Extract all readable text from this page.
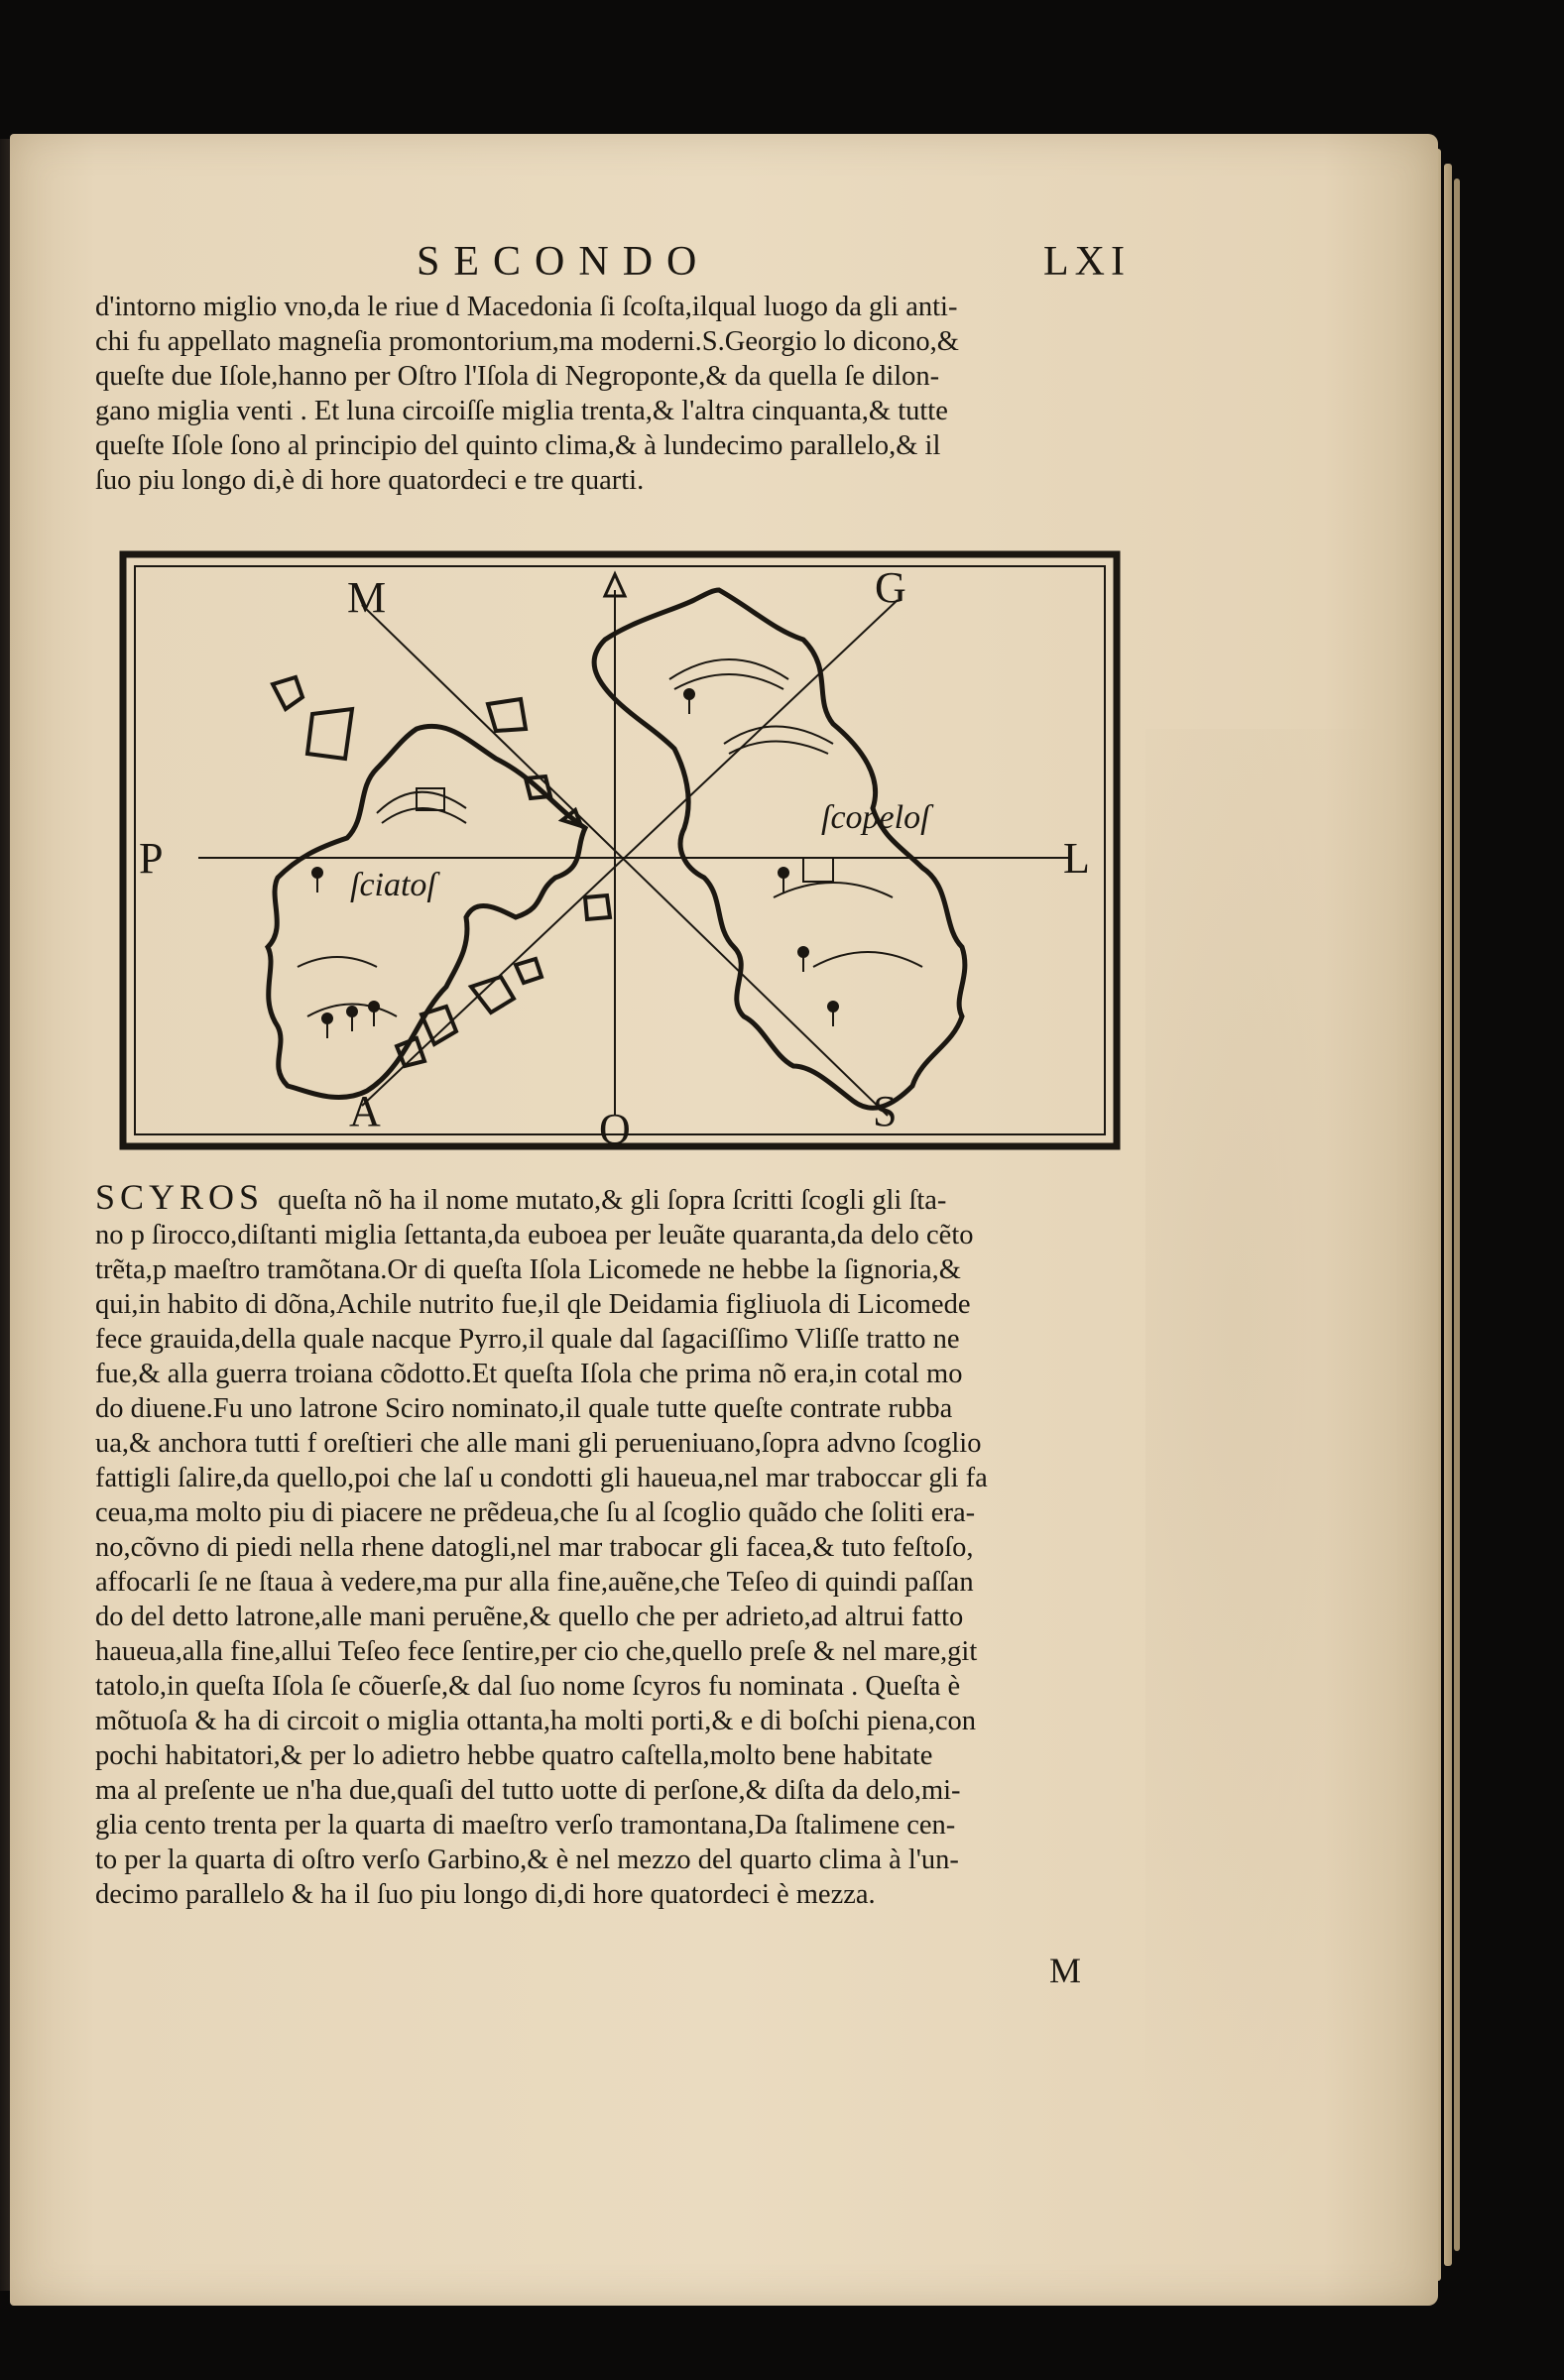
SECONDO	LXI

d'intorno miglio vno,da le riue d Macedonia ſi ſcoſta,ilqual luogo da gli anti-
chi fu appellato magneſia promontorium,ma moderni.S.Georgio lo dicono,&
queſte due Iſole,hanno per Oſtro l'Iſola di Negroponte,& da quella ſe dilon-
gano miglia venti . Et luna circoiſſe miglia trenta,& l'altra cinquanta,& tutte
queſte Iſole ſono al principio del quinto clima,& à lundecimo parallelo,& il
ſuo piu longo di,è di hore quatordeci e tre quarti.

ſciatoſ
ſcopeloſ
M	G
P	L
O
A	S

SCYROS queſta nõ ha il nome mutato,& gli ſopra ſcritti ſcogli gli ſta-
no p ſirocco,diſtanti miglia ſettanta,da euboea per leuãte quaranta,da delo cẽto
trẽta,p maeſtro tramõtana.Or di queſta Iſola Licomede ne hebbe la ſignoria,&
qui,in habito di dõna,Achile nutrito fue,il qle Deidamia figliuola di Licomede
fece grauida,della quale nacque Pyrro,il quale dal ſagaciſſimo Vliſſe tratto ne
fue,& alla guerra troiana cõdotto.Et queſta Iſola che prima nõ era,in cotal mo
do diuene.Fu uno latrone Sciro nominato,il quale tutte queſte contrate rubba
ua,& anchora tutti f oreſtieri che alle mani gli perueniuano,ſopra advno ſcoglio
fattigli ſalire,da quello,poi che laſ u condotti gli haueua,nel mar traboccar gli fa
ceua,ma molto piu di piacere ne prẽdeua,che ſu al ſcoglio quãdo che ſoliti era-
no,cõvno di piedi nella rhene datogli,nel mar trabocar gli facea,& tuto feſtoſo,
affocarli ſe ne ſtaua à vedere,ma pur alla fine,auẽne,che Teſeo di quindi paſſan
do del detto latrone,alle mani peruẽne,& quello che per adrieto,ad altrui fatto
haueua,alla fine,allui Teſeo fece ſentire,per cio che,quello preſe & nel mare,git
tatolo,in queſta Iſola ſe cõuerſe,& dal ſuo nome ſcyros fu nominata . Queſta è
mõtuoſa & ha di circoit o miglia ottanta,ha molti porti,& e di boſchi piena,con
pochi habitatori,& per lo adietro hebbe quatro caſtella,molto bene habitate
ma al preſente ue n'ha due,quaſi del tutto uotte di perſone,& diſta da delo,mi-
glia cento trenta per la quarta di maeſtro verſo tramontana,Da ſtalimene cen-
to per la quarta di oſtro verſo Garbino,& è nel mezzo del quarto clima à l'un-
decimo parallelo & ha il ſuo piu longo di,di hore quatordeci è mezza.

M
